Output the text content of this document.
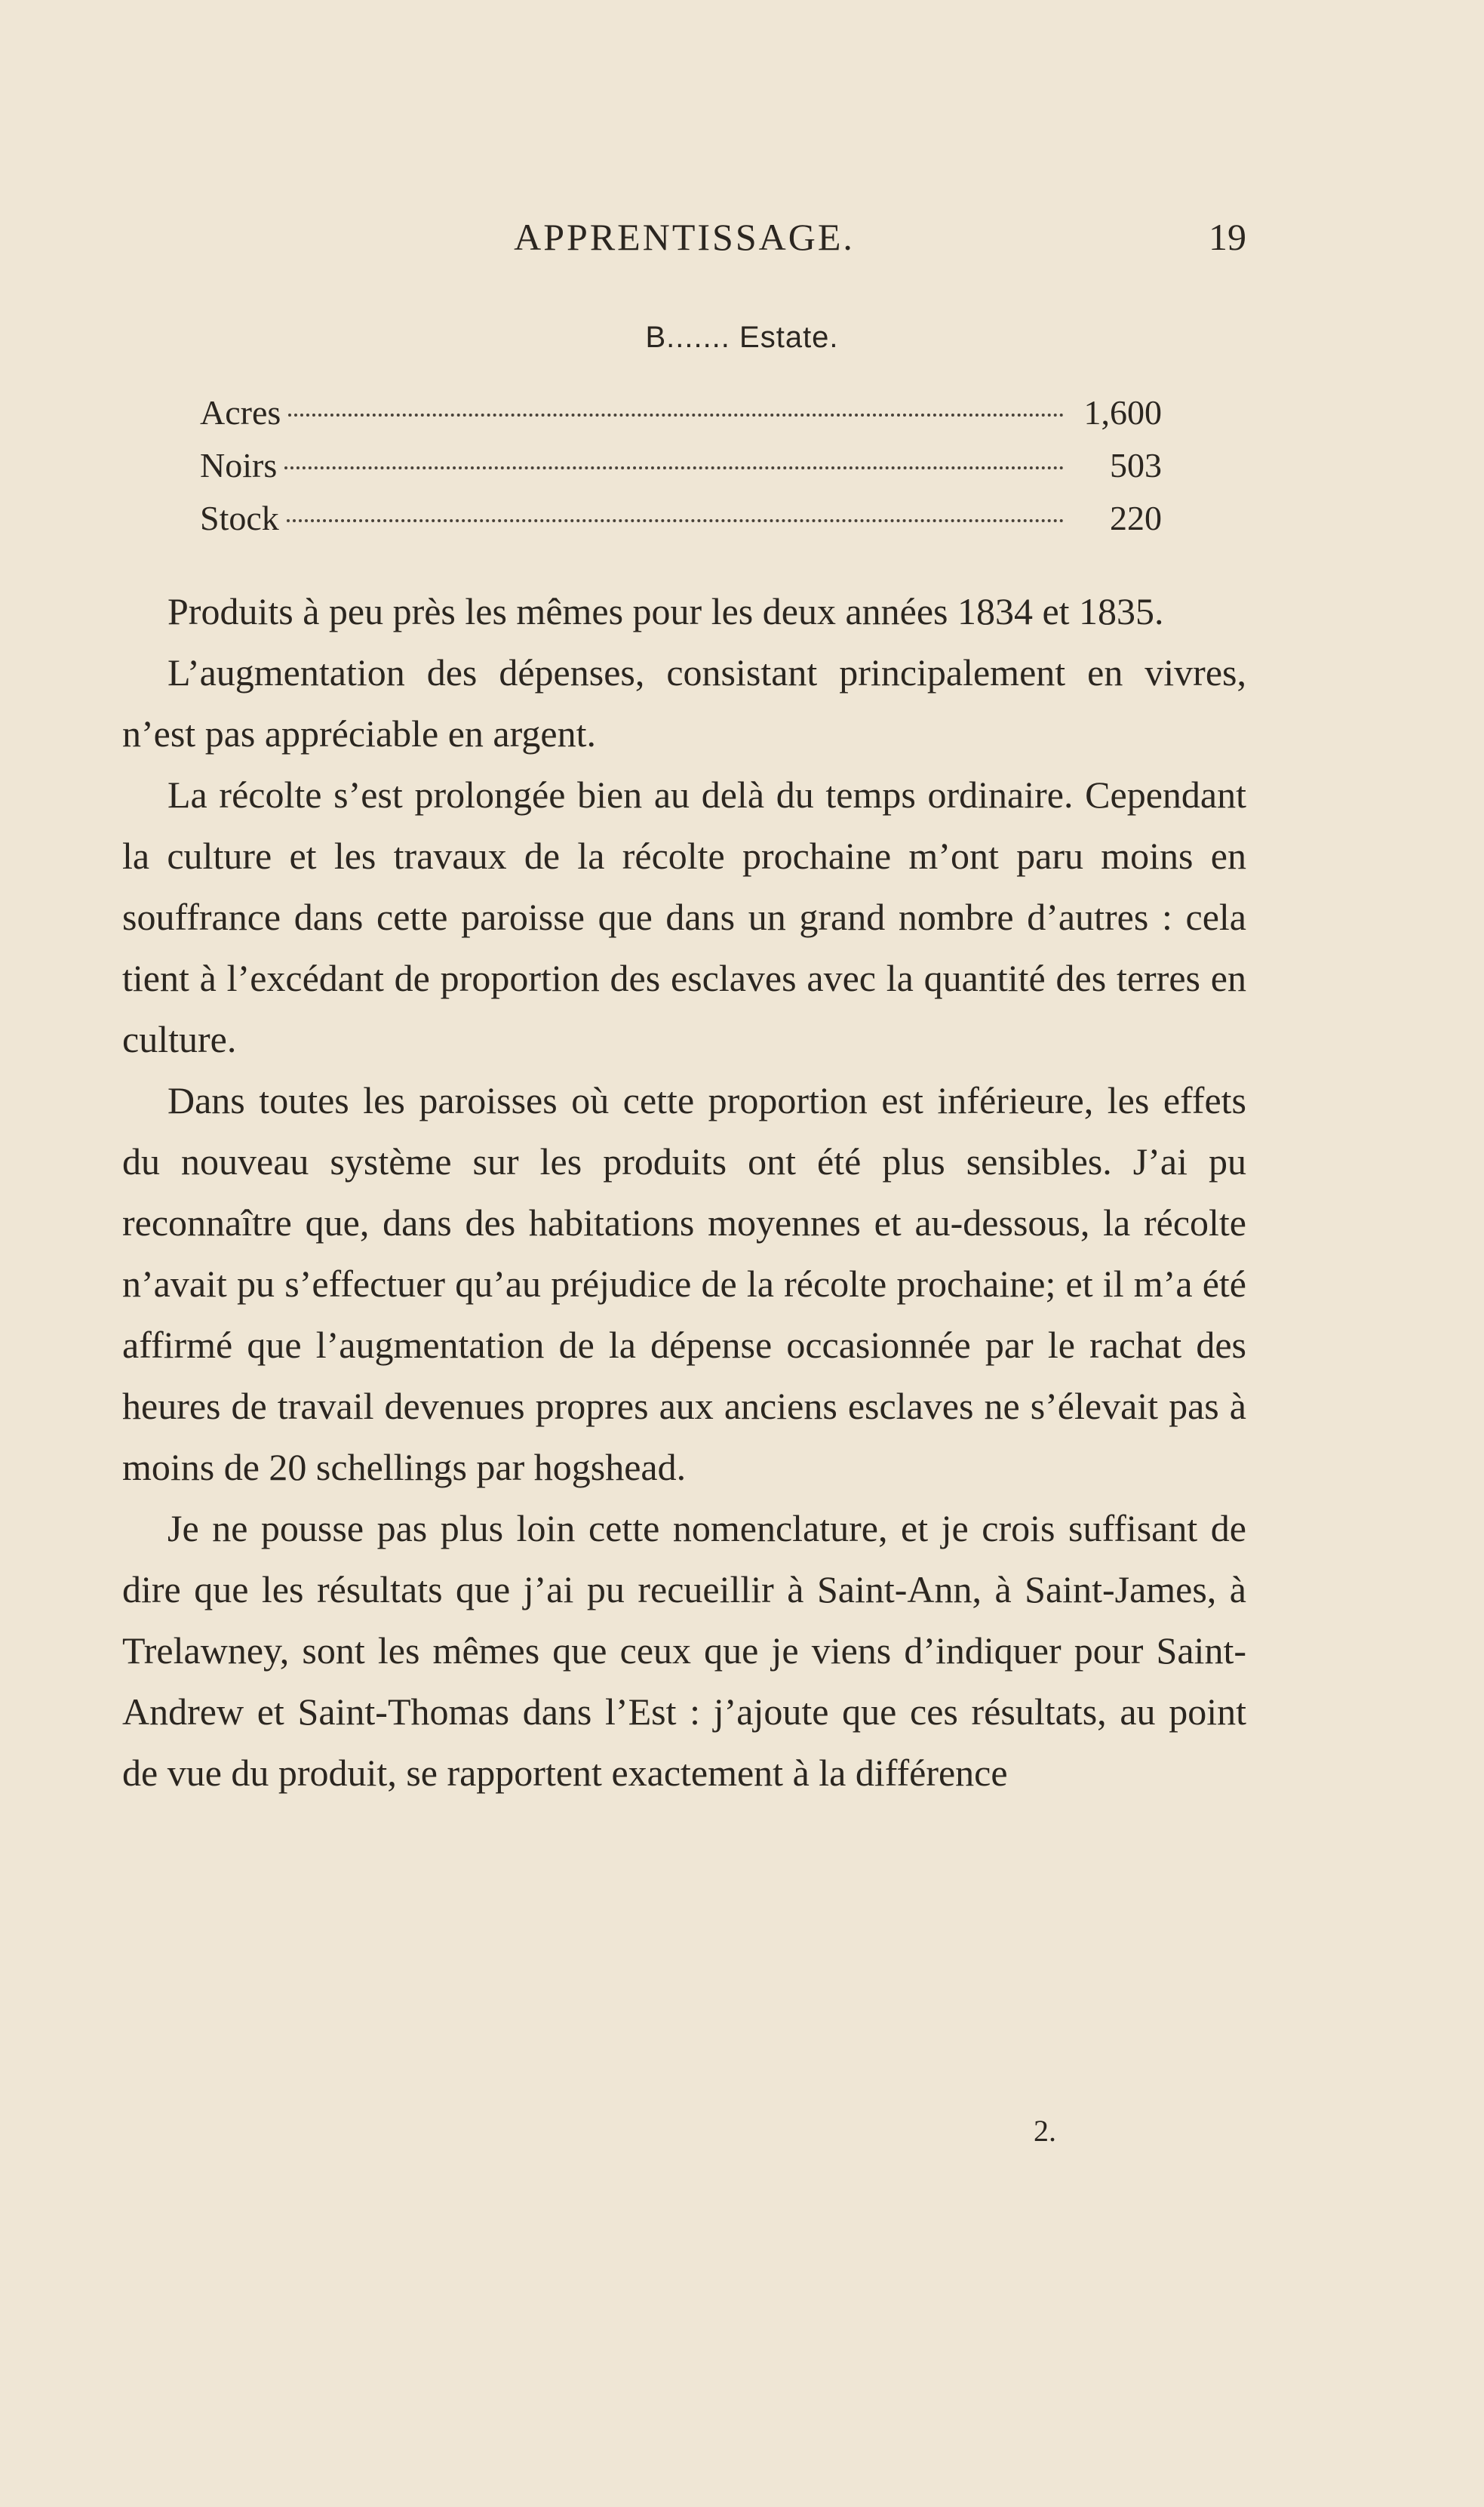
APPRENTISSAGE.	19
B....... Estate.
Acres	1,600
Noirs	503
Stock	220

Produits à peu près les mêmes pour les deux années 1834 et 1835.

L’augmentation des dépenses, consistant principalement en vivres, n’est pas appréciable en argent.

La récolte s’est prolongée bien au delà du temps ordinaire. Cependant la culture et les travaux de la récolte prochaine m’ont paru moins en souffrance dans cette paroisse que dans un grand nombre d’autres : cela tient à l’excédant de proportion des esclaves avec la quantité des terres en culture.

Dans toutes les paroisses où cette proportion est inférieure, les effets du nouveau système sur les produits ont été plus sensibles. J’ai pu reconnaître que, dans des habitations moyennes et au-dessous, la récolte n’avait pu s’effectuer qu’au préjudice de la récolte prochaine; et il m’a été affirmé que l’augmentation de la dépense occasionnée par le rachat des heures de travail devenues propres aux anciens esclaves ne s’élevait pas à moins de 20 schellings par hogshead.

Je ne pousse pas plus loin cette nomenclature, et je crois suffisant de dire que les résultats que j’ai pu recueillir à Saint-Ann, à Saint-James, à Trelawney, sont les mêmes que ceux que je viens d’indiquer pour Saint-Andrew et Saint-Thomas dans l’Est : j’ajoute que ces résultats, au point de vue du produit, se rapportent exactement à la différence

2.
